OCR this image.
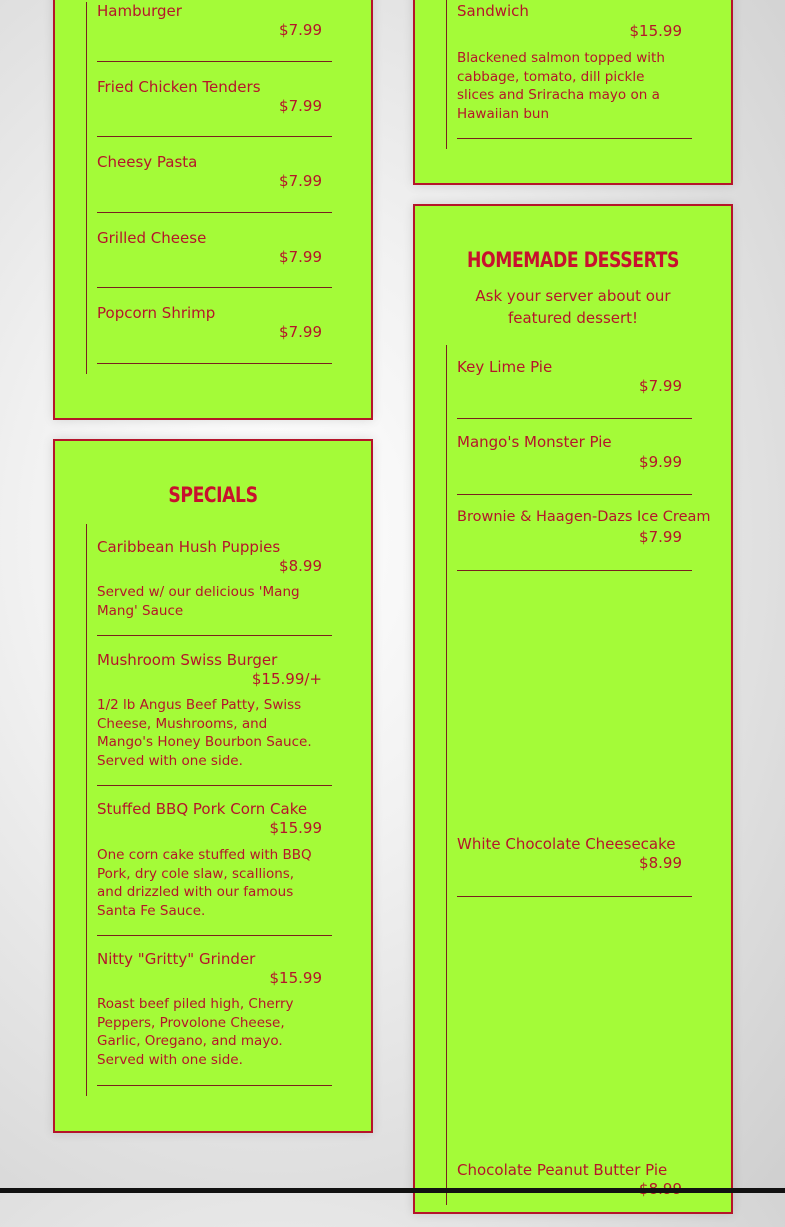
Hamburger
$7.99
Fried Chicken Tenders
$7.99
Cheesy Pasta
$7.99
Grilled Cheese
$7.99
Popcorn Shrimp
$7.99
SPECIALS
Caribbean Hush Puppies
$8.99
Served w/ our delicious 'Mang Mang' Sauce
Mushroom Swiss Burger
$15.99/+
1/2 lb Angus Beef Patty, Swiss Cheese, Mushrooms, and Mango's Honey Bourbon Sauce. Served with one side.
Stuffed BBQ Pork Corn Cake
$15.99
One corn cake stuffed with BBQ Pork, dry cole slaw, scallions, and drizzled with our famous Santa Fe Sauce.
Nitty "Gritty" Grinder
$15.99
Roast beef piled high, Cherry Peppers, Provolone Cheese, Garlic, Oregano, and mayo. Served with one side.
Sandwich
$15.99
Blackened salmon topped with cabbage, tomato, dill pickle slices and Sriracha mayo on a Hawaiian bun
HOMEMADE DESSERTS
Ask your server about our featured dessert!
Key Lime Pie
$7.99
Mango's Monster Pie
$9.99
Brownie & Haagen-Dazs Ice Cream
$7.99
White Chocolate Cheesecake
$8.99
Chocolate Peanut Butter Pie
